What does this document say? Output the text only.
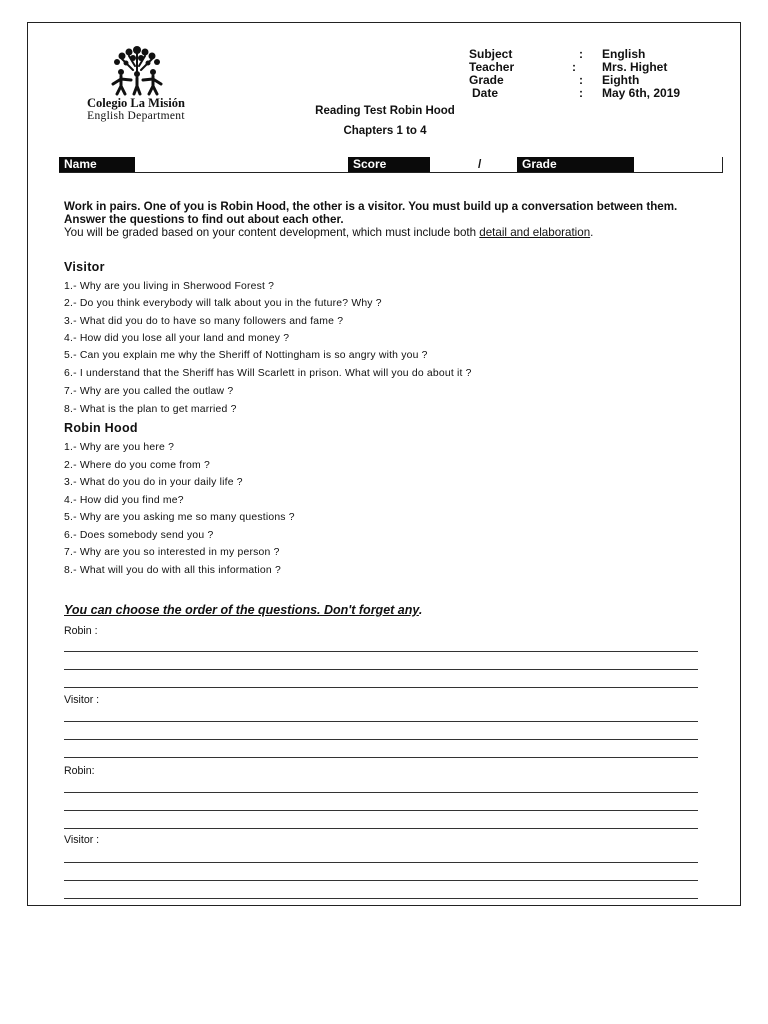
Colegio La Misión
English Department	Reading Test Robin Hood
Chapters 1 to 4
Subject	: English
Teacher	: Mrs. Highet
Grade	: Eighth
Date	: May 6th, 2019
Name	Score	/	Grade
Work in pairs. One of you is Robin Hood, the other is a visitor. You must build up a conversation between them. Answer the questions to find out about each other.
You will be graded based on your content development, which must include both detail and elaboration.
Visitor
1.- Why are you living in Sherwood Forest ?
2.- Do you think everybody will talk about you in the future? Why ?
3.- What did you do to have so many followers and fame ?
4.- How did you lose all your land and money ?
5.- Can you explain me why the Sheriff of Nottingham is so angry with you ?
6.- I understand that the Sheriff has Will Scarlett in prison. What will you do about it ?
7.- Why are you called the outlaw ?
8.- What is the plan to get married ?
Robin Hood
1.- Why are you here ?
2.- Where do you come from ?
3.- What do you do in your daily life ?
4.- How did you find me?
5.- Why are you asking me so many questions ?
6.- Does somebody send you ?
7.- Why are you so interested in my person ?
8.- What will you do with all this information ?
You can choose the order of the questions. Don't forget any.
Robin :
Visitor :
Robin:
Visitor :
